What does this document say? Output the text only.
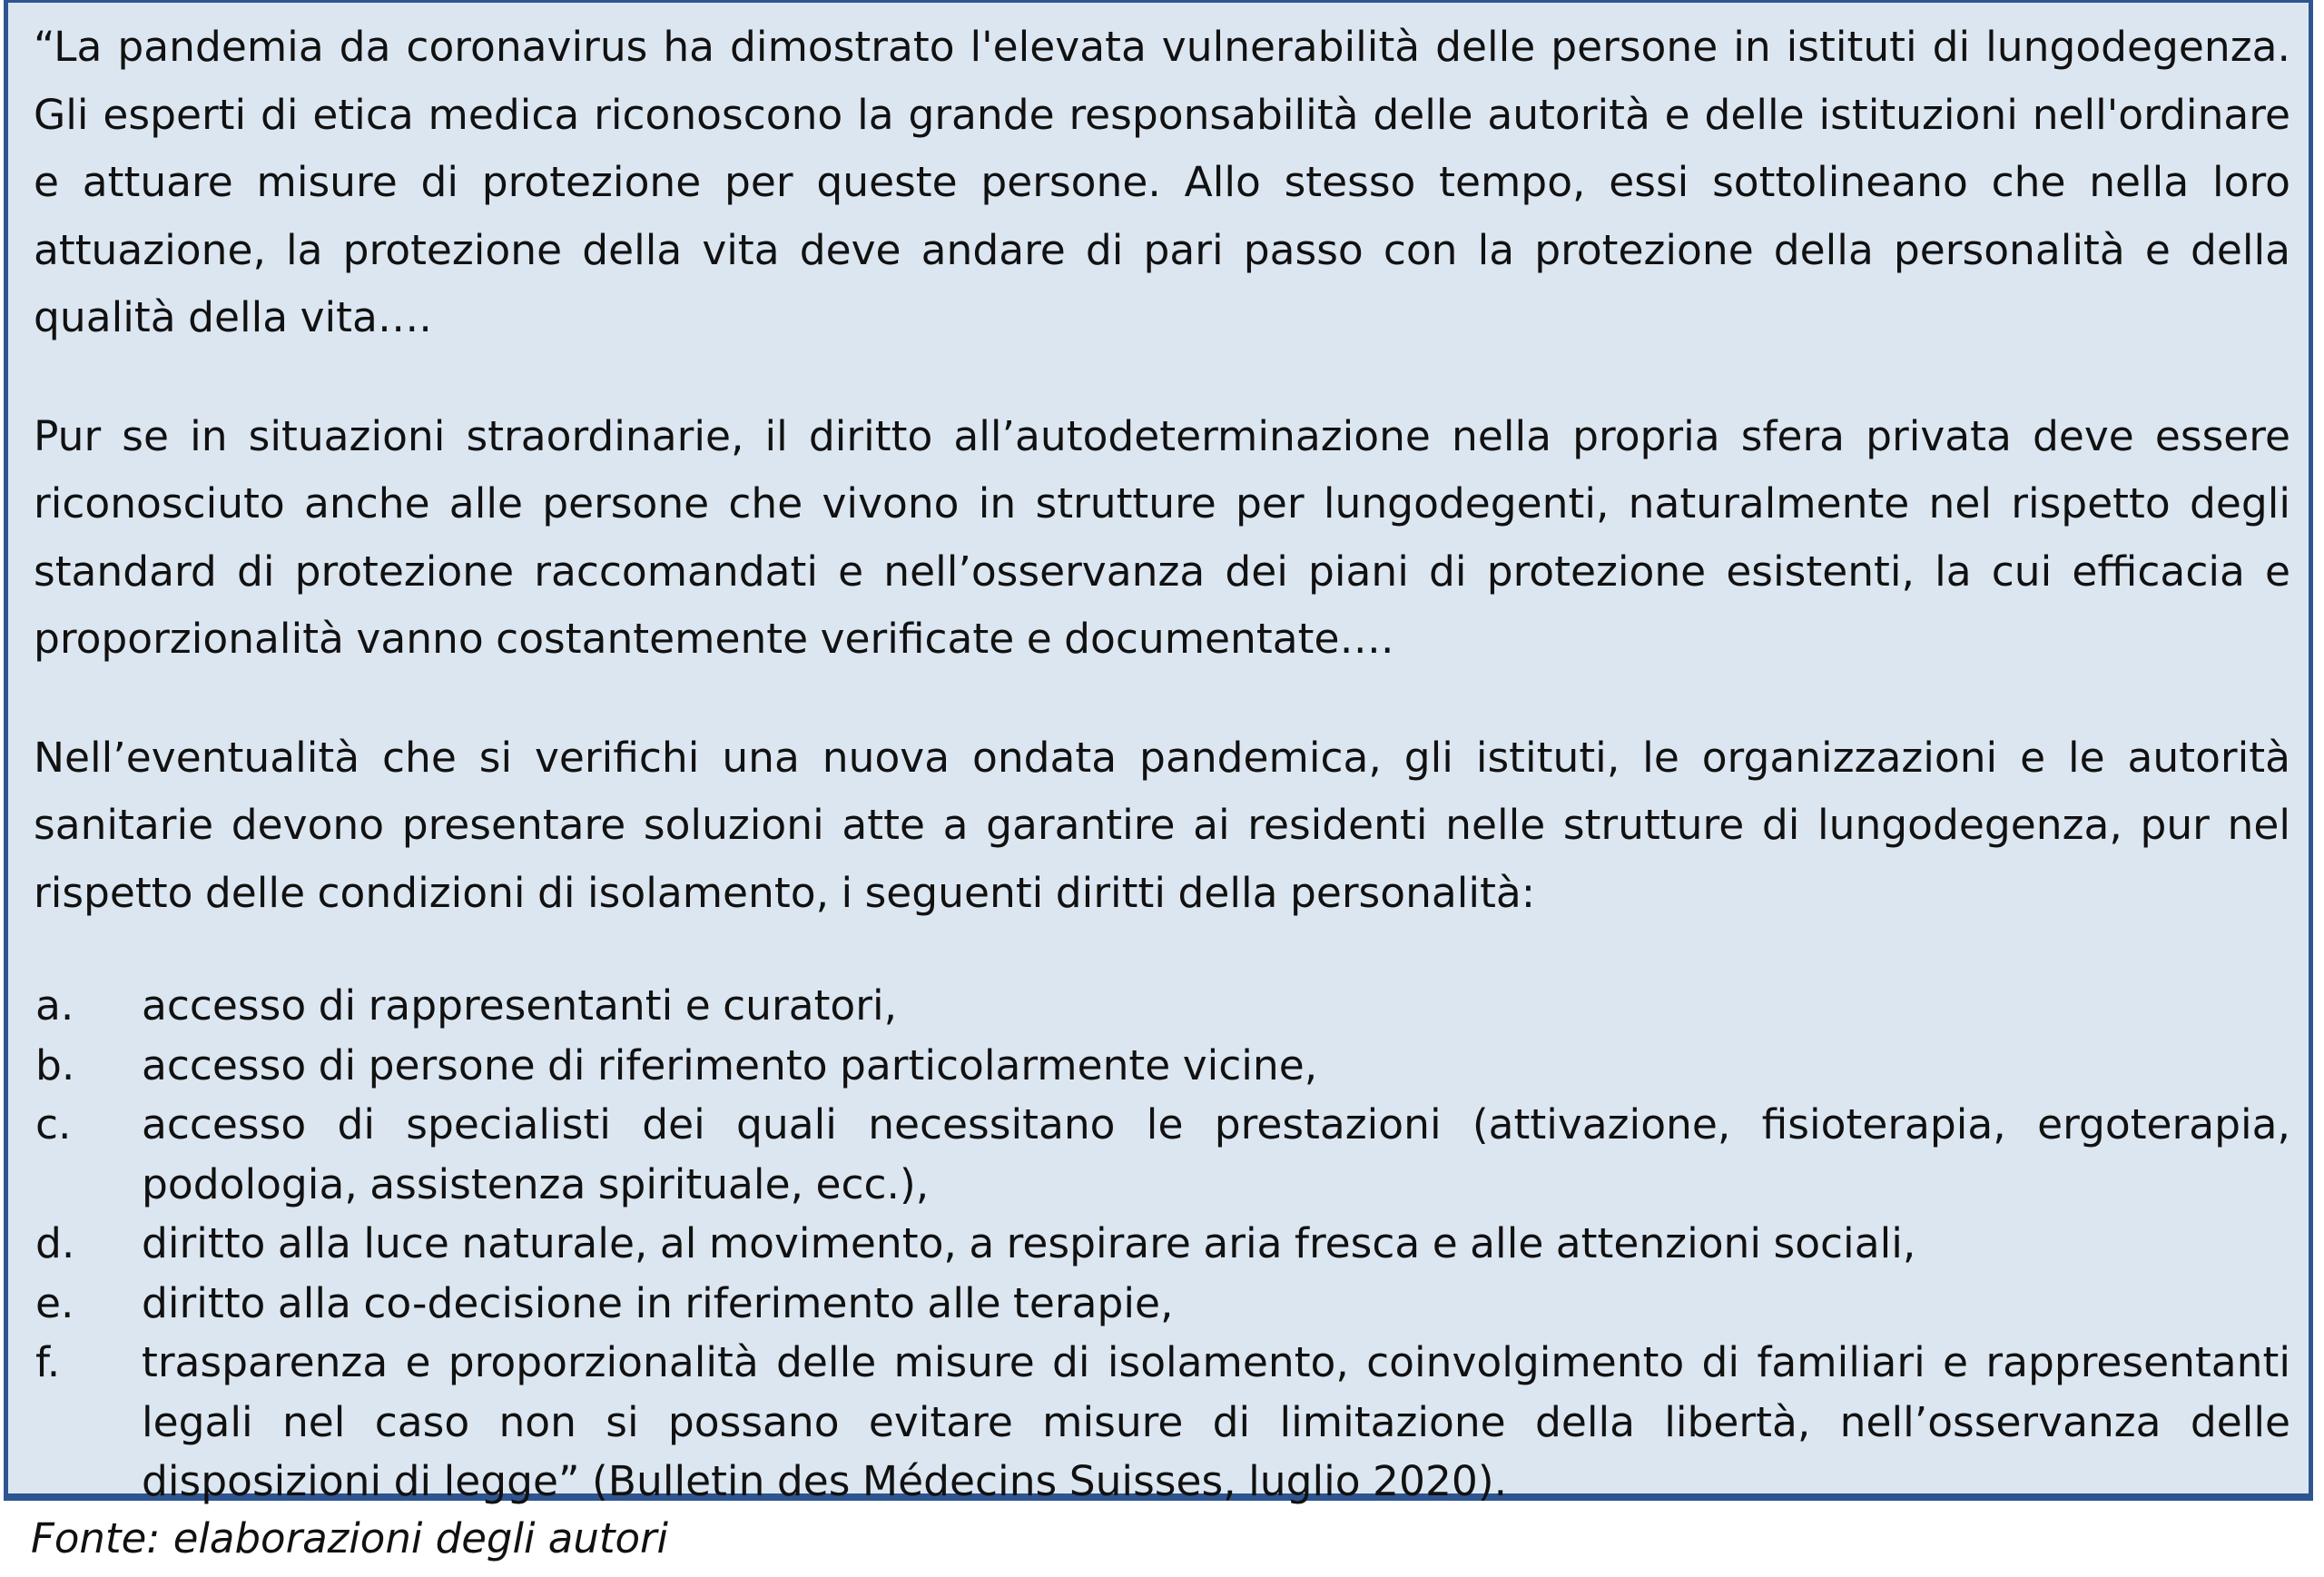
“La pandemia da coronavirus ha dimostrato l'elevata vulnerabilità delle persone in istituti di lungodegenza. Gli esperti di etica medica riconoscono la grande responsabilità delle autorità e delle istituzioni nell'ordinare e attuare misure di protezione per queste persone. Allo stesso tempo, essi sottolineano che nella loro attuazione, la protezione della vita deve andare di pari passo con la protezione della personalità e della qualità della vita….

Pur se in situazioni straordinarie, il diritto all’autodeterminazione nella propria sfera privata deve essere riconosciuto anche alle persone che vivono in strutture per lungodegenti, naturalmente nel rispetto degli standard di protezione raccomandati e nell’osservanza dei piani di protezione esistenti, la cui efficacia e proporzionalità vanno costantemente verificate e documentate….

Nell’eventualità che si verifichi una nuova ondata pandemica, gli istituti, le organizzazioni e le autorità sanitarie devono presentare soluzioni atte a garantire ai residenti nelle strutture di lungodegenza, pur nel rispetto delle condizioni di isolamento, i seguenti diritti della personalità:

a.	accesso di rappresentanti e curatori,
b.	accesso di persone di riferimento particolarmente vicine,
c.	accesso di specialisti dei quali necessitano le prestazioni (attivazione, fisioterapia, ergoterapia, podologia, assistenza spirituale, ecc.),
d.	diritto alla luce naturale, al movimento, a respirare aria fresca e alle attenzioni sociali,
e.	diritto alla co-decisione in riferimento alle terapie,
f.	trasparenza e proporzionalità delle misure di isolamento, coinvolgimento di familiari e rappresentanti legali nel caso non si possano evitare misure di limitazione della libertà, nell’osservanza delle disposizioni di legge” (Bulletin des Médecins Suisses, luglio 2020).
Fonte: elaborazioni degli autori
